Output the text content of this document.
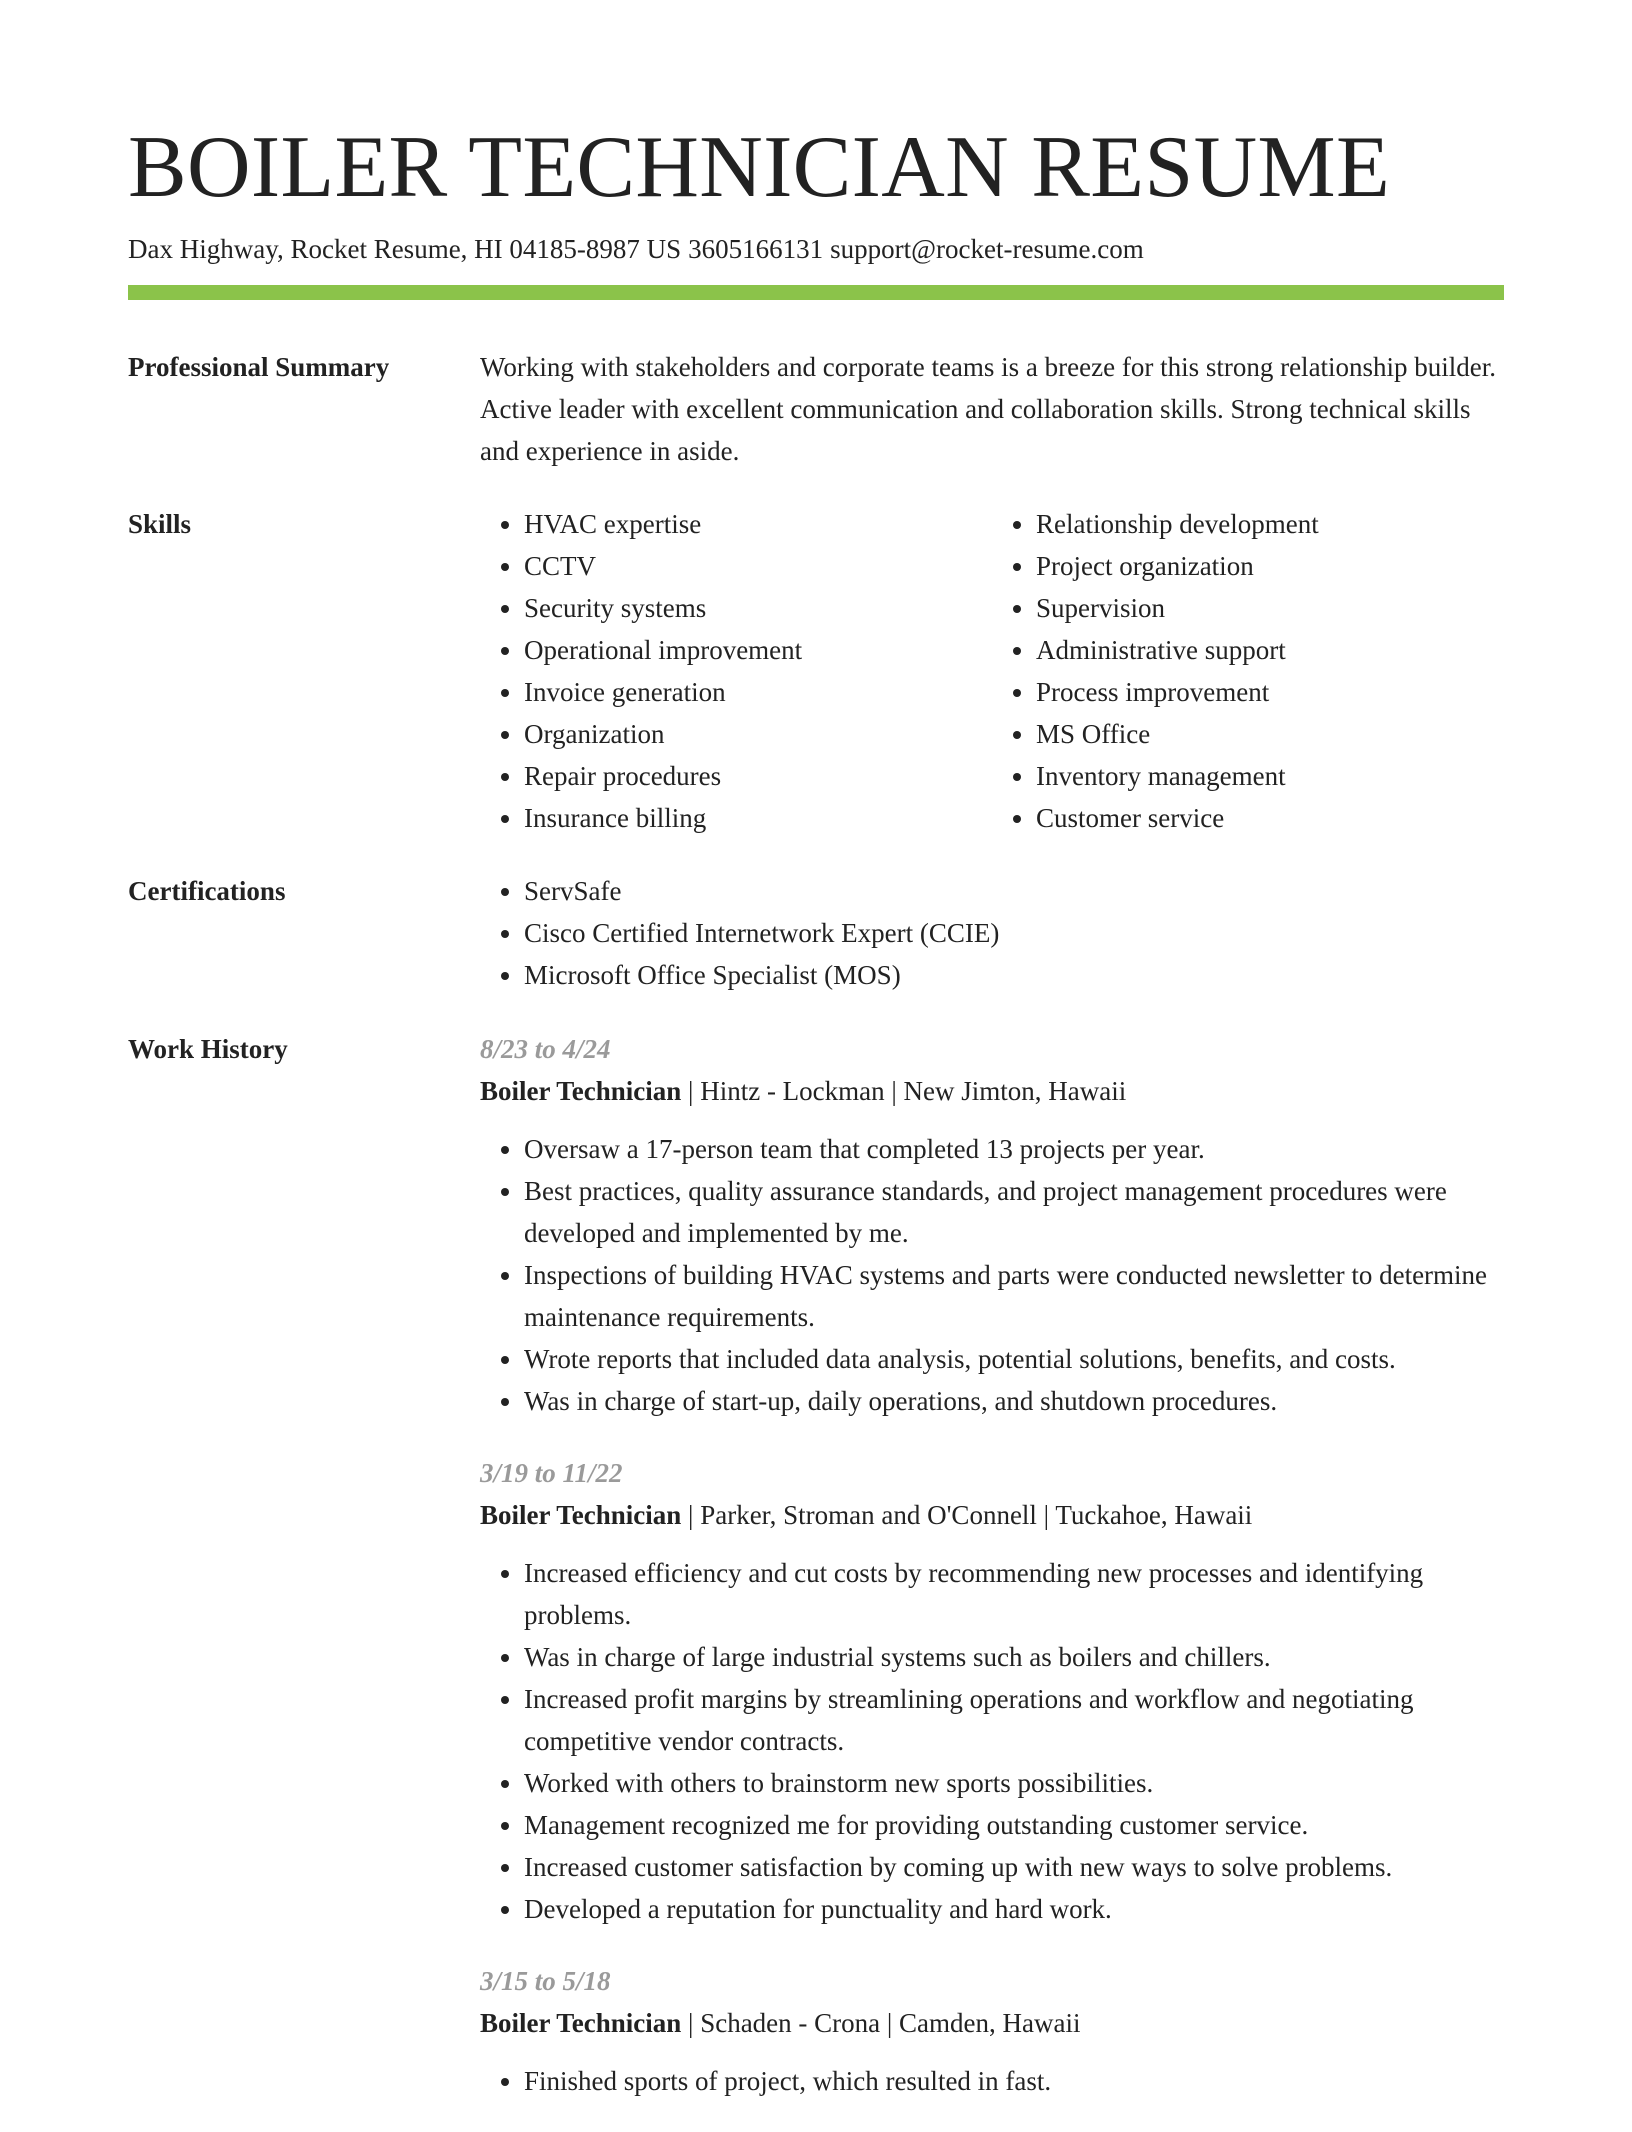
BOILER TECHNICIAN RESUME
Dax Highway, Rocket Resume, HI 04185-8987 US 3605166131 support@rocket-resume.com
Professional Summary	Working with stakeholders and corporate teams is a breeze for this strong relationship builder. Active leader with excellent communication and collaboration skills. Strong technical skills and experience in aside.

Skills	• HVAC expertise
• CCTV
• Security systems
• Operational improvement
• Invoice generation
• Organization
• Repair procedures
• Insurance billing
• Relationship development
• Project organization
• Supervision
• Administrative support
• Process improvement
• MS Office
• Inventory management
• Customer service
Certifications	• ServSafe
• Cisco Certified Internetwork Expert (CCIE)
• Microsoft Office Specialist (MOS)
Work History	8/23 to 4/24
Boiler Technician | Hintz - Lockman | New Jimton, Hawaii
• Oversaw a 17-person team that completed 13 projects per year.
• Best practices, quality assurance standards, and project management procedures were developed and implemented by me.
• Inspections of building HVAC systems and parts were conducted newsletter to determine maintenance requirements.
• Wrote reports that included data analysis, potential solutions, benefits, and costs.
• Was in charge of start-up, daily operations, and shutdown procedures.
3/19 to 11/22
Boiler Technician | Parker, Stroman and O'Connell | Tuckahoe, Hawaii
• Increased efficiency and cut costs by recommending new processes and identifying problems.
• Was in charge of large industrial systems such as boilers and chillers.
• Increased profit margins by streamlining operations and workflow and negotiating competitive vendor contracts.
• Worked with others to brainstorm new sports possibilities.
• Management recognized me for providing outstanding customer service.
• Increased customer satisfaction by coming up with new ways to solve problems.
• Developed a reputation for punctuality and hard work.
3/15 to 5/18
Boiler Technician | Schaden - Crona | Camden, Hawaii
• Finished sports of project, which resulted in fast.
